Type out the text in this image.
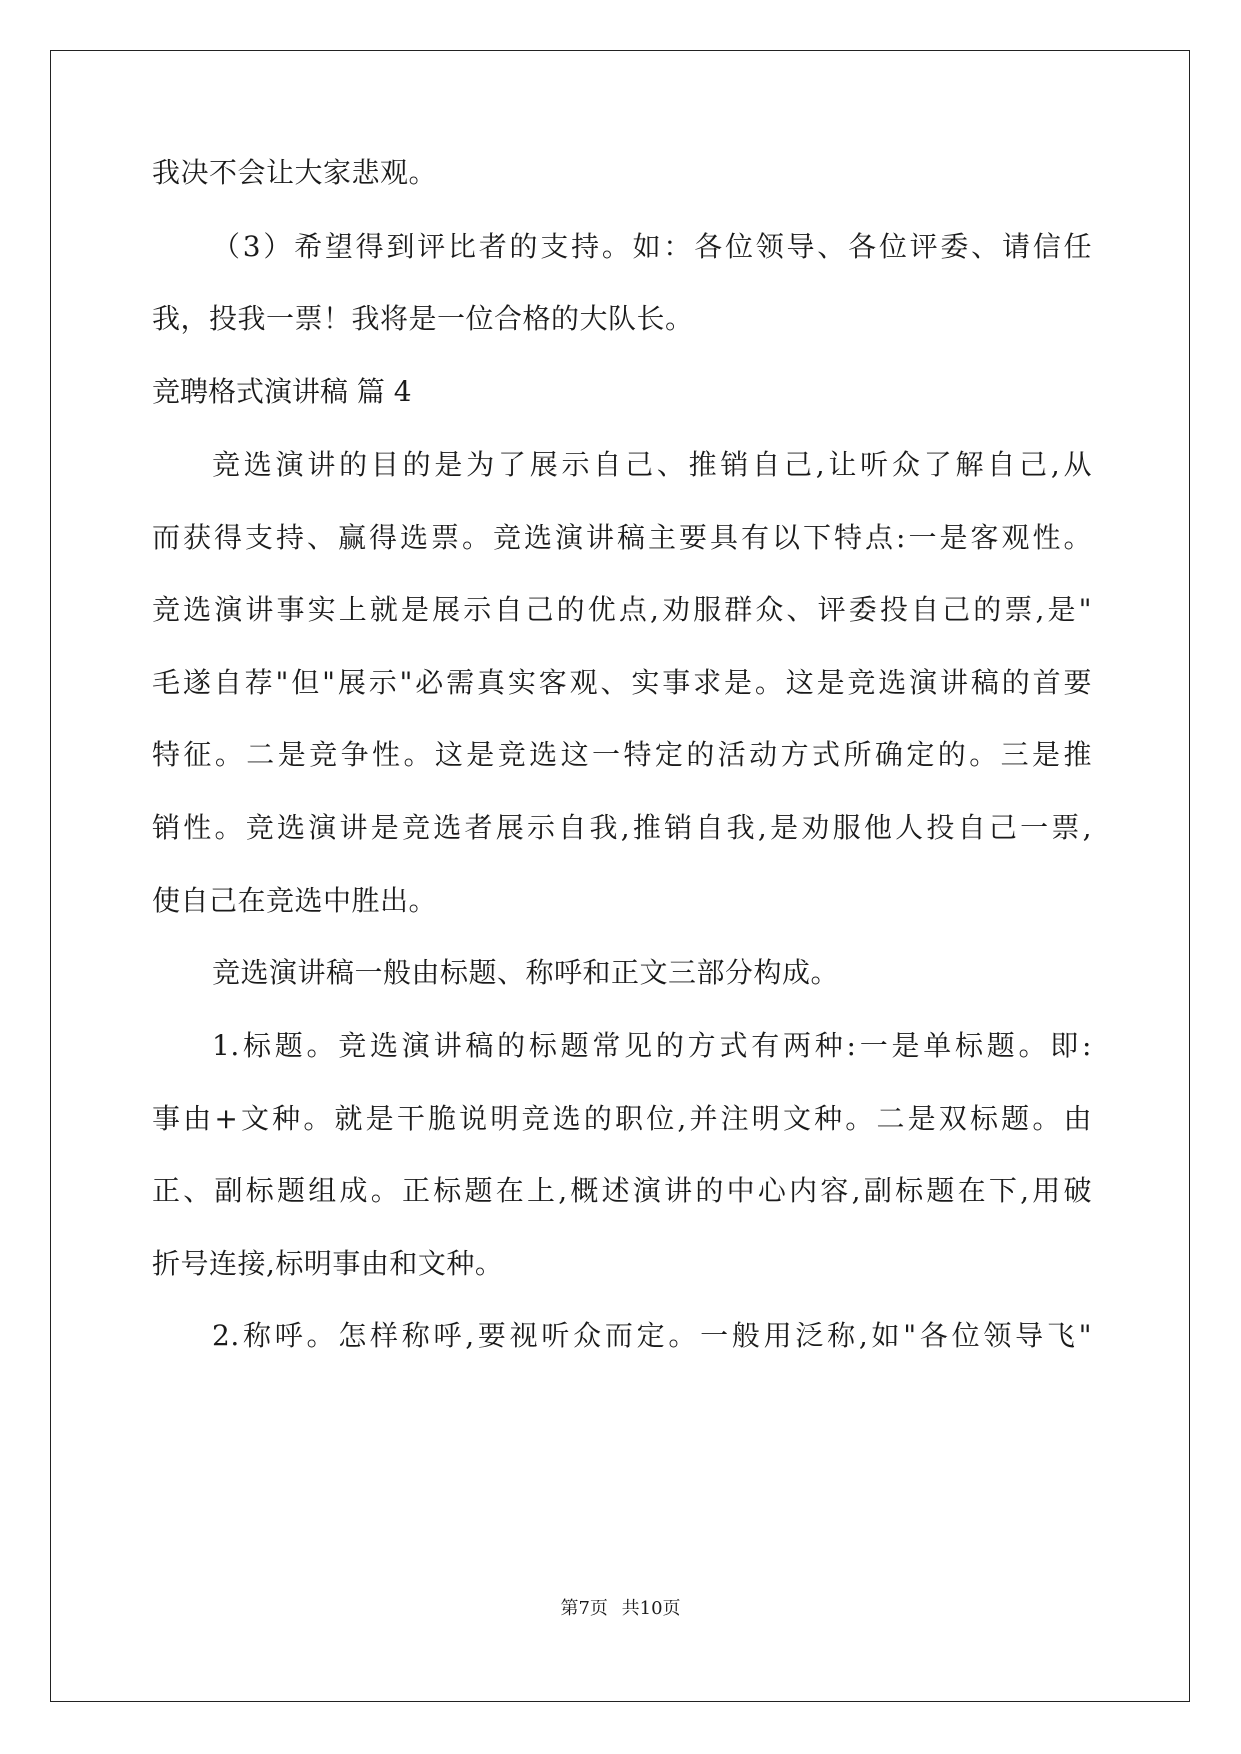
我决不会让大家悲观。
（3）希望得到评比者的支持。如：各位领导、各位评委、请信任
我，投我一票！我将是一位合格的大队长。
竞聘格式演讲稿 篇 4
竞选演讲的目的是为了展示自己、推销自己,让听众了解自己,从
而获得支持、赢得选票。竞选演讲稿主要具有以下特点:一是客观性。
竞选演讲事实上就是展示自己的优点,劝服群众、评委投自己的票,是"
毛遂自荐"但"展示"必需真实客观、实事求是。这是竞选演讲稿的首要
特征。二是竞争性。这是竞选这一特定的活动方式所确定的。三是推
销性。竞选演讲是竞选者展示自我,推销自我,是劝服他人投自己一票,
使自己在竞选中胜出。
竞选演讲稿一般由标题、称呼和正文三部分构成。
1.标题。竞选演讲稿的标题常见的方式有两种:一是单标题。即:
事由+文种。就是干脆说明竞选的职位,并注明文种。二是双标题。由
正、副标题组成。正标题在上,概述演讲的中心内容,副标题在下,用破
折号连接,标明事由和文种。
2.称呼。怎样称呼,要视听众而定。一般用泛称,如"各位领导飞"
第7页 共10页
